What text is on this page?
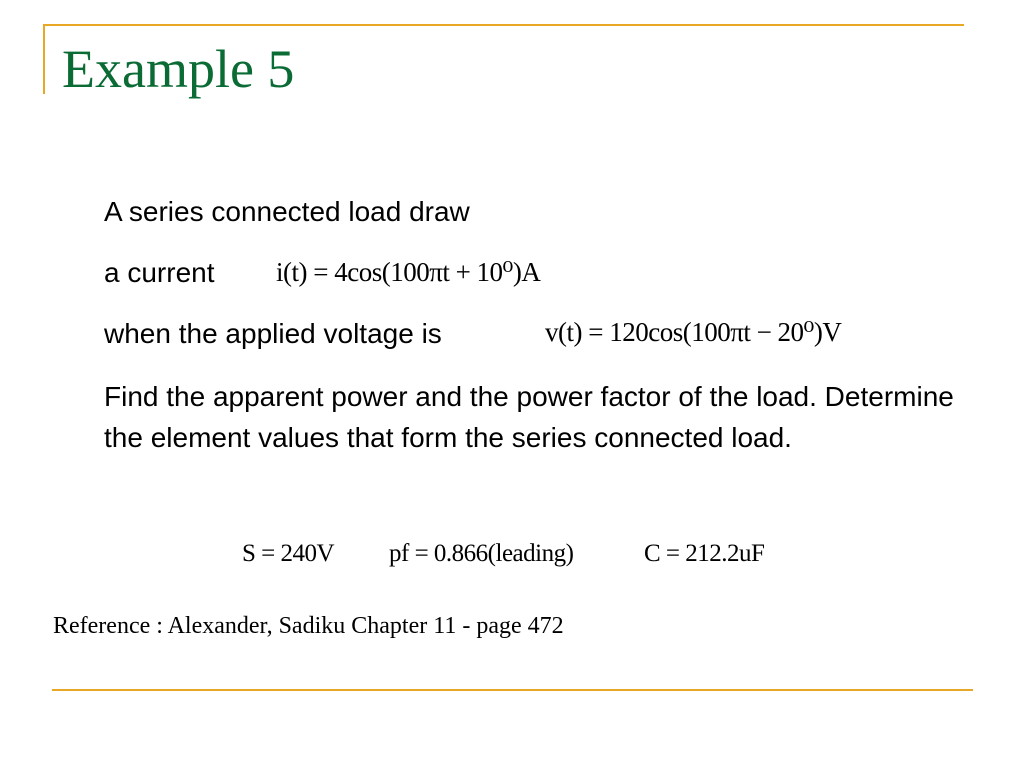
Example 5
A series connected load draw
a current i(t) = 4cos(100πt + 10⁰)A
when the applied voltage is	v(t) = 120cos(100πt − 20⁰)V

Find the apparent power and the power factor of the load. Determine the element values that form the series connected load.

S = 240V pf = 0.866(leading)	C = 212.2uF
Reference : Alexander, Sadiku Chapter 11 - page 472
